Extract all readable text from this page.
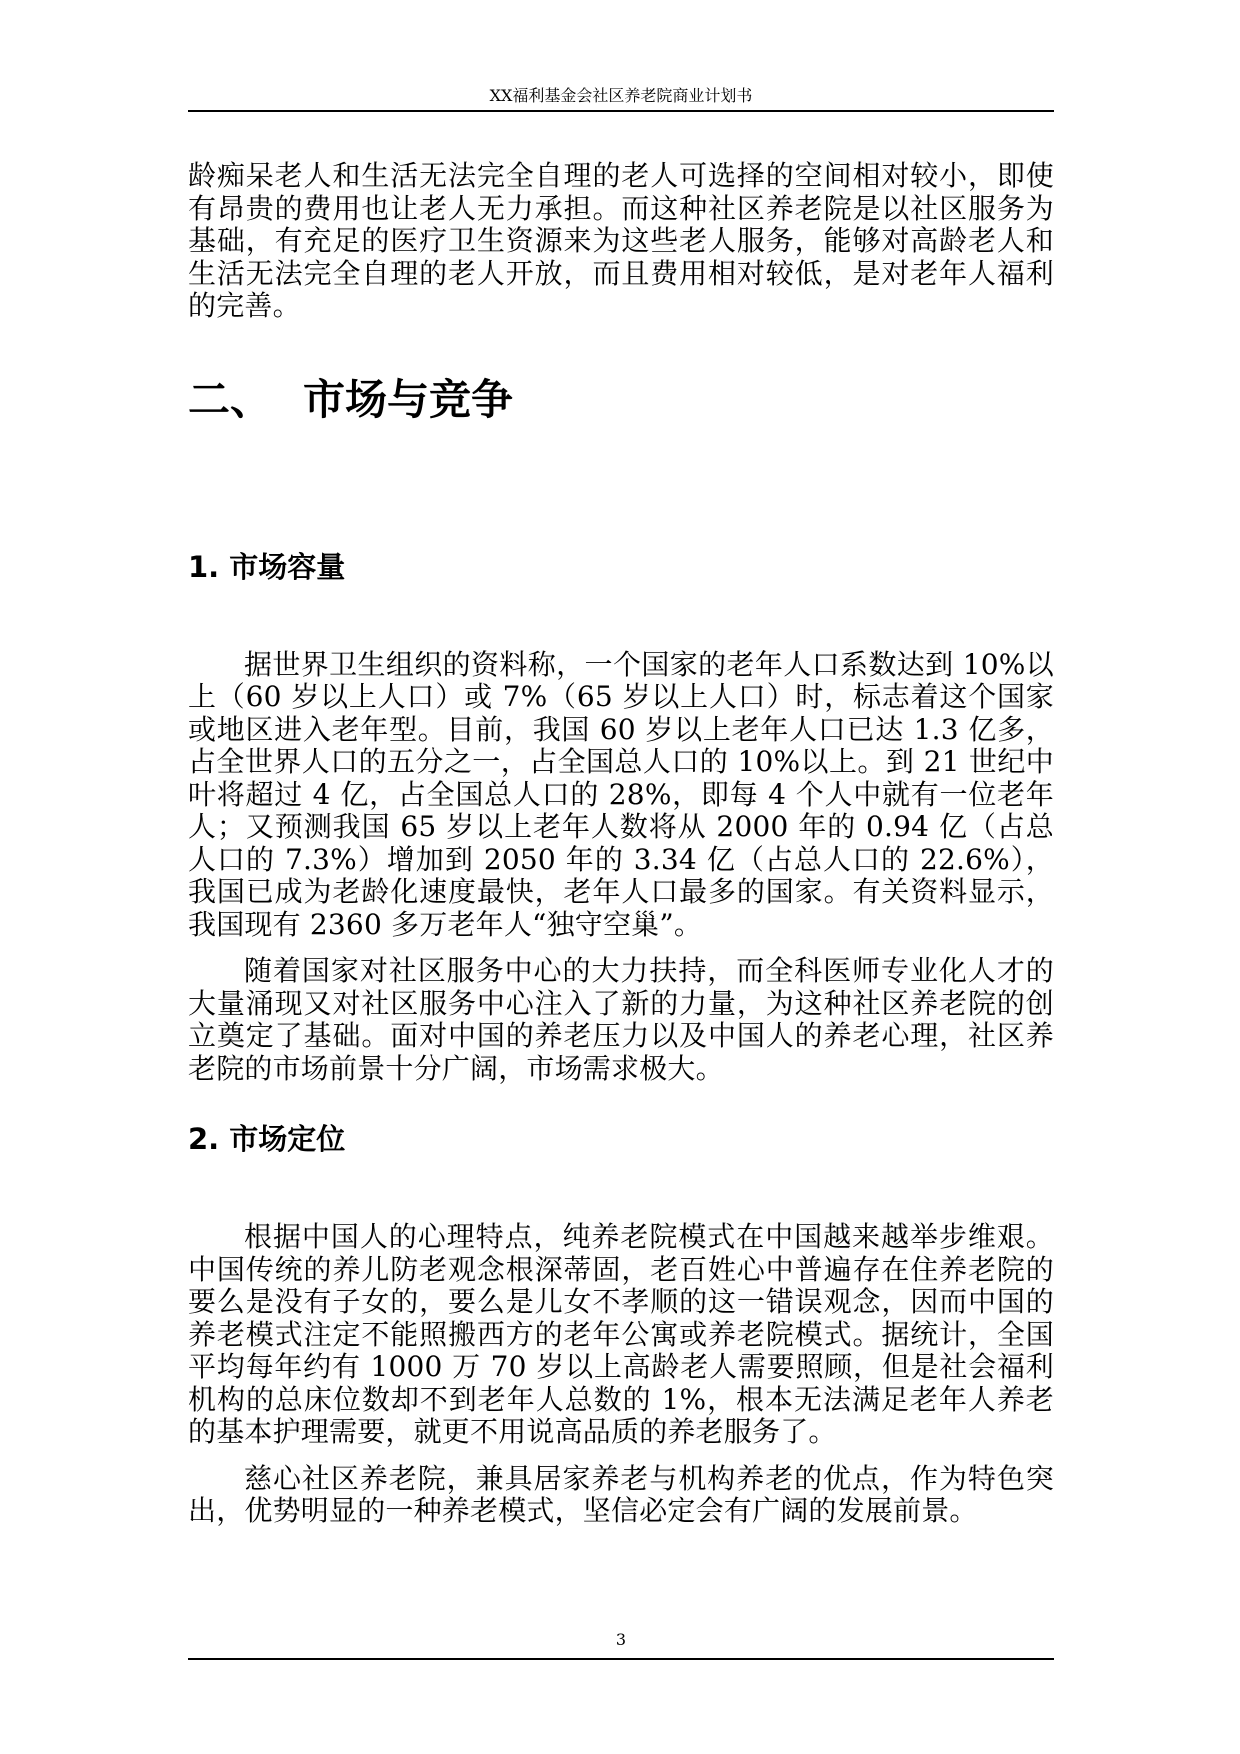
XX福利基金会社区养老院商业计划书

龄痴呆老人和生活无法完全自理的老人可选择的空间相对较小，即使有昂贵的费用也让老人无力承担。而这种社区养老院是以社区服务为基础，有充足的医疗卫生资源来为这些老人服务，能够对高龄老人和生活无法完全自理的老人开放，而且费用相对较低，是对老年人福利的完善。

二、 市场与竞争
1. 市场容量

据世界卫生组织的资料称，一个国家的老年人口系数达到 10%以上（60 岁以上人口）或 7%（65 岁以上人口）时，标志着这个国家或地区进入老年型。目前，我国 60 岁以上老年人口已达 1.3 亿多，占全世界人口的五分之一，占全国总人口的 10%以上。到 21 世纪中叶将超过 4 亿，占全国总人口的 28%，即每 4 个人中就有一位老年人；又预测我国 65 岁以上老年人数将从 2000 年的 0.94 亿（占总人口的 7.3%）增加到 2050 年的 3.34 亿（占总人口的 22.6%），我国已成为老龄化速度最快，老年人口最多的国家。有关资料显示，我国现有 2360 多万老年人“独守空巢”。

随着国家对社区服务中心的大力扶持，而全科医师专业化人才的大量涌现又对社区服务中心注入了新的力量，为这种社区养老院的创立奠定了基础。面对中国的养老压力以及中国人的养老心理，社区养老院的市场前景十分广阔，市场需求极大。

2. 市场定位

根据中国人的心理特点，纯养老院模式在中国越来越举步维艰。中国传统的养儿防老观念根深蒂固，老百姓心中普遍存在住养老院的要么是没有子女的，要么是儿女不孝顺的这一错误观念，因而中国的养老模式注定不能照搬西方的老年公寓或养老院模式。据统计，全国平均每年约有 1000 万 70 岁以上高龄老人需要照顾，但是社会福利机构的总床位数却不到老年人总数的 1%，根本无法满足老年人养老的基本护理需要，就更不用说高品质的养老服务了。

慈心社区养老院，兼具居家养老与机构养老的优点，作为特色突出，优势明显的一种养老模式，坚信必定会有广阔的发展前景。

3
